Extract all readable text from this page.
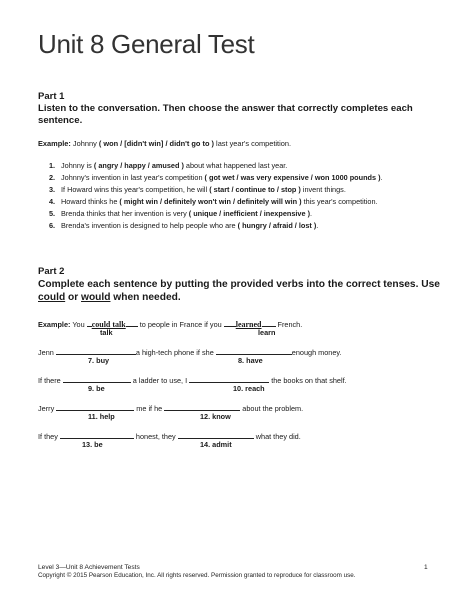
Unit 8 General Test
Part 1
Listen to the conversation. Then choose the answer that correctly completes each sentence.
Example: Johnny ( won / [didn't win] / didn't go to ) last year's competition.
1. Johnny is ( angry / happy / amused ) about what happened last year.
2. Johnny's invention in last year's competition ( got wet / was very expensive / won 1000 pounds ).
3. If Howard wins this year's competition, he will ( start / continue to / stop ) invent things.
4. Howard thinks he ( might win / definitely won't win / definitely will win ) this year's competition.
5. Brenda thinks that her invention is very ( unique / inefficient / inexpensive ).
6. Brenda's invention is designed to help people who are ( hungry / afraid / lost ).
Part 2
Complete each sentence by putting the provided verbs into the correct tenses. Use could or would when needed.
Example: You could talk to people in France if you learned French.
talk	learn
Jenn	a high-tech phone if she	enough money.
7. buy	8. have
If there	a ladder to use, I	the books on that shelf.
9. be	10. reach
Jerry	me if he	about the problem.
11. help	12. know
If they	honest, they	what they did.
13. be	14. admit
Level 3—Unit 8 Achievement Tests	1
Copyright © 2015 Pearson Education, Inc. All rights reserved. Permission granted to reproduce for classroom use.
